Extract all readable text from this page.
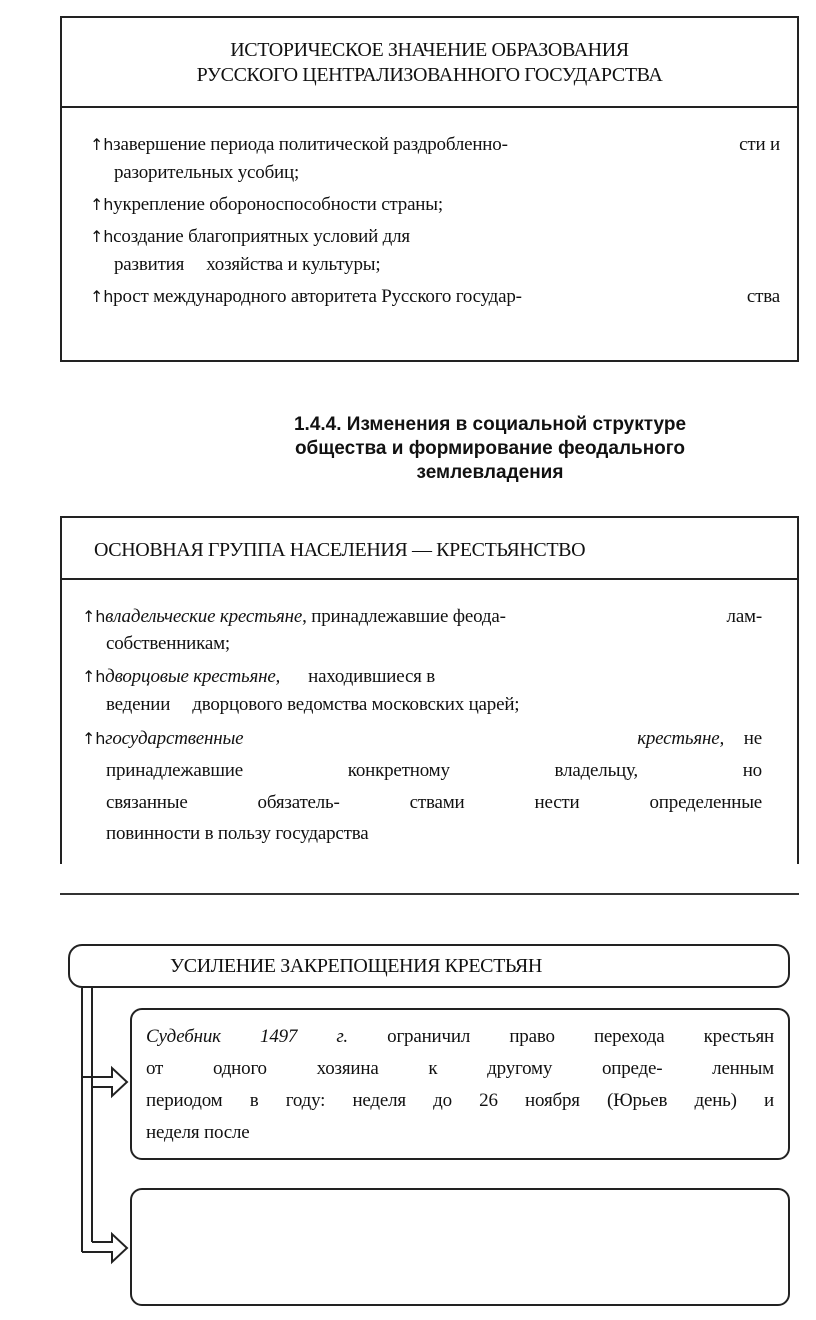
ИСТОРИЧЕСКОЕ ЗНАЧЕНИЕ ОБРАЗОВАНИЯ
РУССКОГО ЦЕНТРАЛИЗОВАННОГО ГОСУДАРСТВА
↑hзавершение периода политической раздробленно-	сти и
разорительных усобиц;
↑hукрепление обороноспособности страны;
↑hсоздание благоприятных условий для
развития хозяйства и культуры;
↑hрост международного авторитета Русского государ-	ства
1.4.4. Изменения в социальной структуре
общества и формирование феодального
землевладения
ОСНОВНАЯ ГРУППА НАСЕЛЕНИЯ — КРЕСТЬЯНСТВО
↑hвладельческие крестьяне, принадлежавшие феода-	лам-
собственникам;
↑hдворцовые крестьяне, находившиеся в
ведении дворцового ведомства московских царей;
↑hгосударственные	крестьяне, не
принадлежавшие конкретному владельцу, но
связанные обязатель- ствами нести определенные
повинности в пользу государства
УСИЛЕНИЕ ЗАКРЕПОЩЕНИЯ КРЕСТЬЯН
Судебник 1497 г. ограничил право перехода крестьян
от одного хозяина к другому опреде- ленным
периодом в году: неделя до 26 ноября (Юрьев день) и
неделя после
